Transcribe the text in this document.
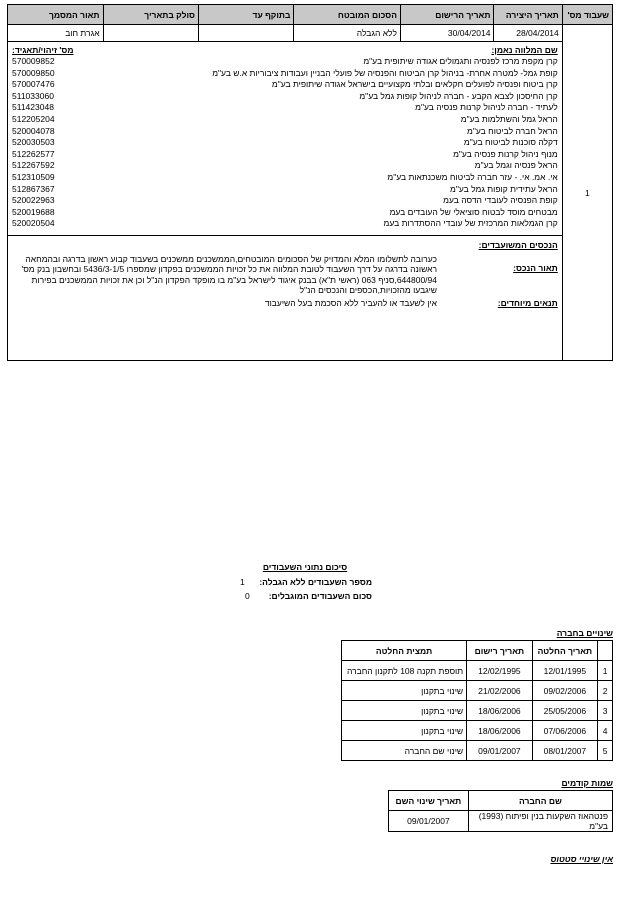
שעבוד מס'	תאריך היצירה	תאריך הרישום	הסכום המובטח	בתוקף עד	סולק בתאריך	תאור המסמך
1	28/04/2014	30/04/2014	ללא הגבלה			אגרת חוב

שם המלווה נאמן:
מס' זיהוי/תאגיד:
קרן מקפת מרכז לפנסיה ותגמולים אגודה שיתופית בע"מ
570009852
קופת גמל- למטרה אחרת- בניהול קרן הביטוח והפנסיה של פועלי הבניין ועבודות ציבוריות א.ש בע"מ
570009850
קרן ביטוח ופנסיה לפועלים חקלאים ובלתי מקצועיים בישראל אגודה שיתופית בע"מ
570007476
קרן החיסכון לצבא הקבע - חברה לניהול קופות גמל בע"מ
511033060
לעתיד - חברה לניהול קרנות פנסיה בע"מ
511423048
הראל גמל והשתלמות בע"מ
512205204
הראל חברה לביטוח בע"מ
520004078
דקלה סוכנות לביטוח בע"מ
520030503
מנוף ניהול קרנות פנסיה בע"מ
512262577
הראל פנסיה וגמל בע"מ
512267592
אי. אמ. אי. - עזר חברה לביטוח משכנתאות בע"מ
512310509
הראל עתידית קופות גמל בע"מ
512867367
קופת הפנסיה לעובדי הדסה בעמ
520022963
מבטחים מוסד לבטוח סוציאלי של העובדים בעמ
520019688
קרן הגמלאות המרכזית של עובדי ההסתדרות בעמ
520020504
הנכסים המשועבדים:
תאור הנכס:
כערובה לתשלומו המלא והמדויק של הסכומים המובטחים,הממשכנים ממשכנים בשעבוד קבוע ראשון בדרגה ובהמחאה ראשונה בדרגה על דרך השעבוד לטובת המלווה את כל זכויות הממשכנים בפקדון שמספרו 5436/3-1/5 ובחשבון בנק מס' 644800/94,סניף 063 (ראשי ת"א) בבנק איגוד לישראל בע"מ בו מופקד הפקדון הנ"ל וכן את זכויות הממשכנים בפירות שיגבעו מהזכויות,הכספים והנכסים הנ"ל
תנאים מיוחדים:
אין לשעבד או להעביר ללא הסכמת בעל השיעבוד
סיכום נתוני השעבודים
מספר השעבודים ללא הגבלה:
1
סכום השעבודים המוגבלים:
0
שינויים בחברה
	תאריך החלטה	תאריך רישום	תמצית החלטה
1	12/01/1995	12/02/1995	תוספת תקנה 108 לתקנון החברה
2	09/02/2006	21/02/2006	שינוי בתקנון
3	25/05/2006	18/06/2006	שינוי בתקנון
4	07/06/2006	18/06/2006	שינוי בתקנון
5	08/01/2007	09/01/2007	שינוי שם החברה
שמות קודמים
שם החברה	תאריך שינוי השם
פנטהאוז השקעות בנין ופיתוח (1993) בע"מ	09/01/2007
אין שינויי סטטוס
